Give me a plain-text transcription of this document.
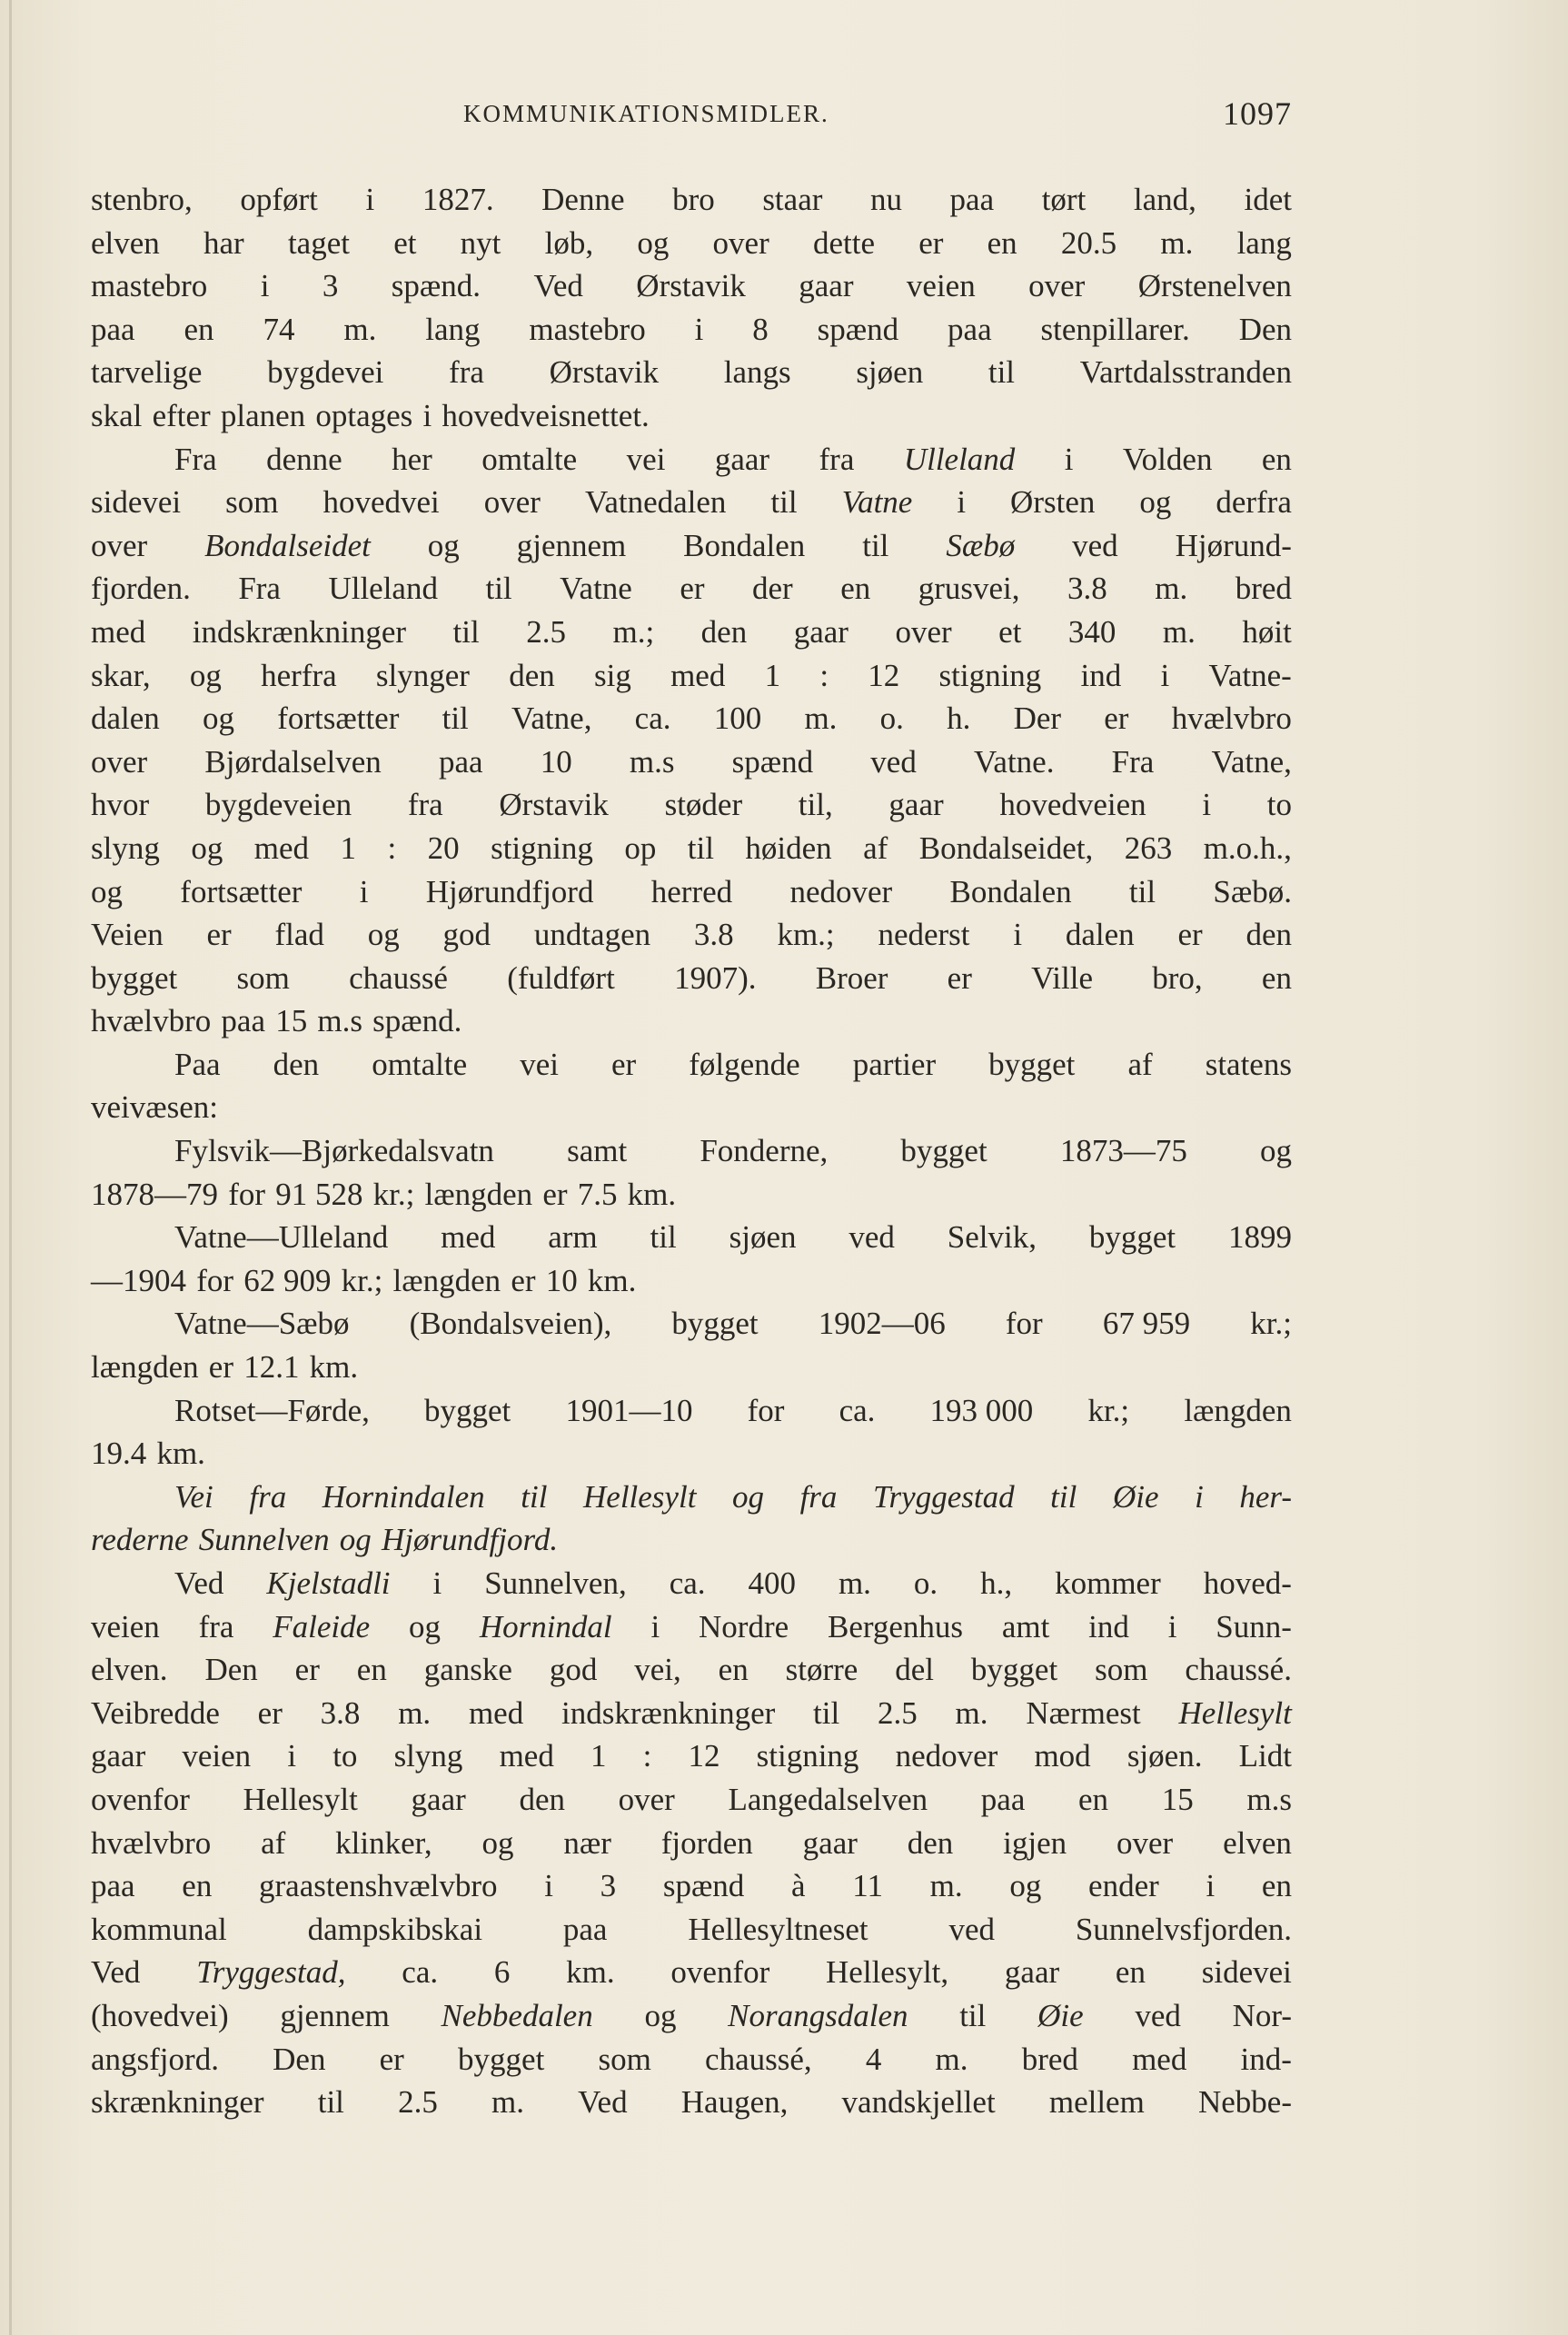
KOMMUNIKATIONSMIDLER.	1097
stenbro, opført i 1827. Denne bro staar nu paa tørt land, idet
elven har taget et nyt løb, og over dette er en 20.5 m. lang
mastebro i 3 spænd. Ved Ørstavik gaar veien over Ørstenelven
paa en 74 m. lang mastebro i 8 spænd paa stenpillarer. Den
tarvelige bygdevei fra Ørstavik langs sjøen til Vartdalsstranden
skal efter planen optages i hovedveisnettet.
Fra denne her omtalte vei gaar fra Ulleland i Volden en
sidevei som hovedvei over Vatnedalen til Vatne i Ørsten og derfra
over Bondalseidet og gjennem Bondalen til Sæbø ved Hjørund-
fjorden. Fra Ulleland til Vatne er der en grusvei, 3.8 m. bred
med indskrænkninger til 2.5 m.; den gaar over et 340 m. høit
skar, og herfra slynger den sig med 1 : 12 stigning ind i Vatne-
dalen og fortsætter til Vatne, ca. 100 m. o. h. Der er hvælvbro
over Bjørdalselven paa 10 m.s spænd ved Vatne. Fra Vatne,
hvor bygdeveien fra Ørstavik støder til, gaar hovedveien i to
slyng og med 1 : 20 stigning op til høiden af Bondalseidet, 263 m.o.h.,
og fortsætter i Hjørundfjord herred nedover Bondalen til Sæbø.
Veien er flad og god undtagen 3.8 km.; nederst i dalen er den
bygget som chaussé (fuldført 1907). Broer er Ville bro, en
hvælvbro paa 15 m.s spænd.
Paa den omtalte vei er følgende partier bygget af statens
veivæsen:
Fylsvik—Bjørkedalsvatn samt Fonderne, bygget 1873—75 og
1878—79 for 91 528 kr.; længden er 7.5 km.
Vatne—Ulleland med arm til sjøen ved Selvik, bygget 1899
—1904 for 62 909 kr.; længden er 10 km.
Vatne—Sæbø (Bondalsveien), bygget 1902—06 for 67 959 kr.;
længden er 12.1 km.
Rotset—Førde, bygget 1901—10 for ca. 193 000 kr.; længden
19.4 km.
Vei fra Hornindalen til Hellesylt og fra Tryggestad til Øie i her-
rederne Sunnelven og Hjørundfjord.
Ved Kjelstadli i Sunnelven, ca. 400 m. o. h., kommer hoved-
veien fra Faleide og Hornindal i Nordre Bergenhus amt ind i Sunn-
elven. Den er en ganske god vei, en større del bygget som chaussé.
Veibredde er 3.8 m. med indskrænkninger til 2.5 m. Nærmest Hellesylt
gaar veien i to slyng med 1 : 12 stigning nedover mod sjøen. Lidt
ovenfor Hellesylt gaar den over Langedalselven paa en 15 m.s
hvælvbro af klinker, og nær fjorden gaar den igjen over elven
paa en graastenshvælvbro i 3 spænd à 11 m. og ender i en
kommunal	dampskibskai	paa	Hellesyltneset	ved	Sunnelvsfjorden.
Ved Tryggestad, ca. 6 km. ovenfor Hellesylt, gaar en sidevei
(hovedvei) gjennem Nebbedalen og Norangsdalen til Øie ved Nor-
angsfjord. Den er bygget som chaussé, 4 m. bred med ind-
skrænkninger til 2.5 m. Ved Haugen, vandskjellet mellem Nebbe-
